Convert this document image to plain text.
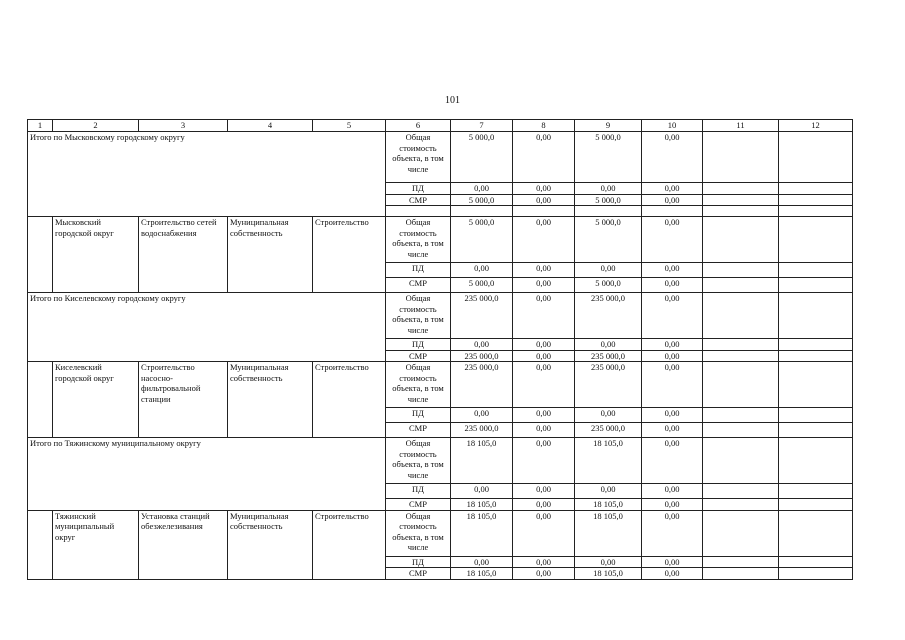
101
1	2	3	4	5	6	7	8	9	10	11	12	
Итого по Мысковскому городскому округу					Общая стоимость объекта, в том числе	5 000,0	0,00	5 000,0	0,00			
					ПД	0,00	0,00	0,00	0,00			
					СМР	5 000,0	0,00	5 000,0	0,00			

	Мысковский городской округ	Строительство сетей водоснабжения	Муниципальная собственность	Строительство	Общая стоимость объекта, в том числе	5 000,0	0,00	5 000,0	0,00			
					ПД	0,00	0,00	0,00	0,00			
					СМР	5 000,0	0,00	5 000,0	0,00			
Итого по Киселевскому городскому округу					Общая стоимость объекта, в том числе	235 000,0	0,00	235 000,0	0,00			
					ПД	0,00	0,00	0,00	0,00			
					СМР	235 000,0	0,00	235 000,0	0,00			
	Киселевский городской округ	Строительство насосно-фильтровальной станции	Муниципальная собственность	Строительство	Общая стоимость объекта, в том числе	235 000,0	0,00	235 000,0	0,00			
					ПД	0,00	0,00	0,00	0,00			
					СМР	235 000,0	0,00	235 000,0	0,00			
Итого по Тяжинскому муниципальному округу					Общая стоимость объекта, в том числе	18 105,0	0,00	18 105,0	0,00			
					ПД	0,00	0,00	0,00	0,00			
					СМР	18 105,0	0,00	18 105,0	0,00			
	Тяжинский муниципальный округ	Установка станций обезжелезивания	Муниципальная собственность	Строительство	Общая стоимость объекта, в том числе	18 105,0	0,00	18 105,0	0,00			
					ПД	0,00	0,00	0,00	0,00			
					СМР	18 105,0	0,00	18 105,0	0,00			
